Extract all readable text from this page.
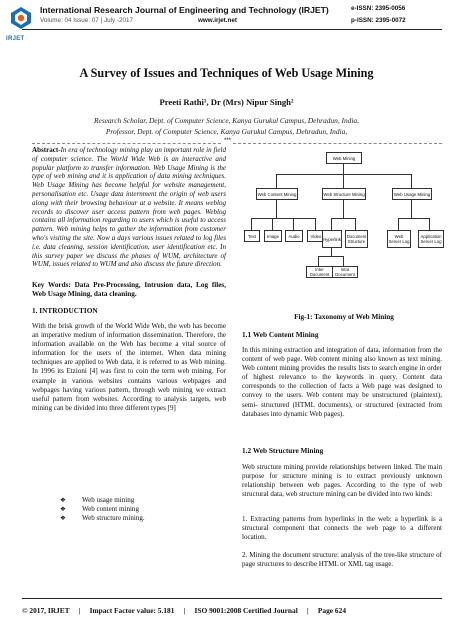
IRJET
International Research Journal of Engineering and Technology (IRJET)	e-ISSN: 2395-0056
Volume: 04 Issue: 07 | July -2017	www.irjet.net	p-ISSN: 2395-0072
A Survey of Issues and Techniques of Web Usage Mining
Preeti Rathi¹, Dr (Mrs) Nipur Singh²
Research Scholar, Dept. of Computer Science, Kanya Gurukul Campus, Dehradun, India,
Professor, Dept. of Computer Science, Kanya Gurukul Campus, Dehradun, India,
***
Abstract-In era of technology mining play an important role in field of computer science. The World Wide Web is an interactive and popular platform to transfer information. Web Usage Mining is the type of web mining and it is application of data mining techniques. Web Usage Mining has become helpful for website management, personalisation etc. Usage data internment the origin of web users along with their browsing behaviour at a website. It means weblog records to discover user access pattern from web pages. Weblog contains all information regarding to users which is useful to access pattern. Web mining helps to gather the information from customer who's visiting the site. Now a days various issues related to log files i.e. data cleaning, session identification, user identification etc. In this survey paper we discuss the phases of WUM, architecture of WUM, issues related to WUM and also discuss the future direction.
Key Words: Data Pre-Processing, Intrusion data, Log files, Web Usage Mining, data cleaning.
1. INTRODUCTION
With the brisk growth of the World Wide Web, the web has become an imperative medium of information dissemination. Therefore, the information available on the Web has become a vital source of information for the users of the internet. When data mining techniques are applied to Web data, it is referred to as Web mining. In 1996 its Etzioni [4] was first to coin the term web mining. For example in various websites contains various webpages and webpages having various pattern, through web mining we extract useful pattern from websites. According to analysis targets, web mining can be divided into three different types [9]
❖ Web usage mining
❖ Web content mining
❖ Web structure mining.
Web Mining
Web Content Mining	Web Structure Mining	Web Usage Mining
Text	Image	Audio	Video
Hyperlink	Document Structure
Web Server Log
Application Server Log
Inter Document
Intra Document
Fig-1: Taxonomy of Web Mining
1.1 Web Content Mining
In this mining extraction and integration of data, information from the content of web page. Web content mining also known as text mining. Web content mining provides the results lists to search engine in order of highest relevance to the keywords in query. Content data corresponds to the collection of facts a Web page was designed to convey to the users. Web content may be unstructured (plaintext), semi- structured (HTML documents), or structured (extracted from databases into dynamic Web pages).
1.2 Web Structure Mining
Web structure mining provide relationships between linked. The main purpose for structure mining is to extract previously unknown relationship between web pages. According to the type of web structural data, web structure mining can be divided into two kinds:
1. Extracting patterns from hyperlinks in the web: a hyperlink is a structural component that connects the web page to a different location.
2. Mining the document structure: analysis of the tree-like structure of page structures to describe HTML or XML tag usage.
© 2017, IRJET     |     Impact Factor value: 5.181     |     ISO 9001:2008 Certified Journal     |     Page 624
